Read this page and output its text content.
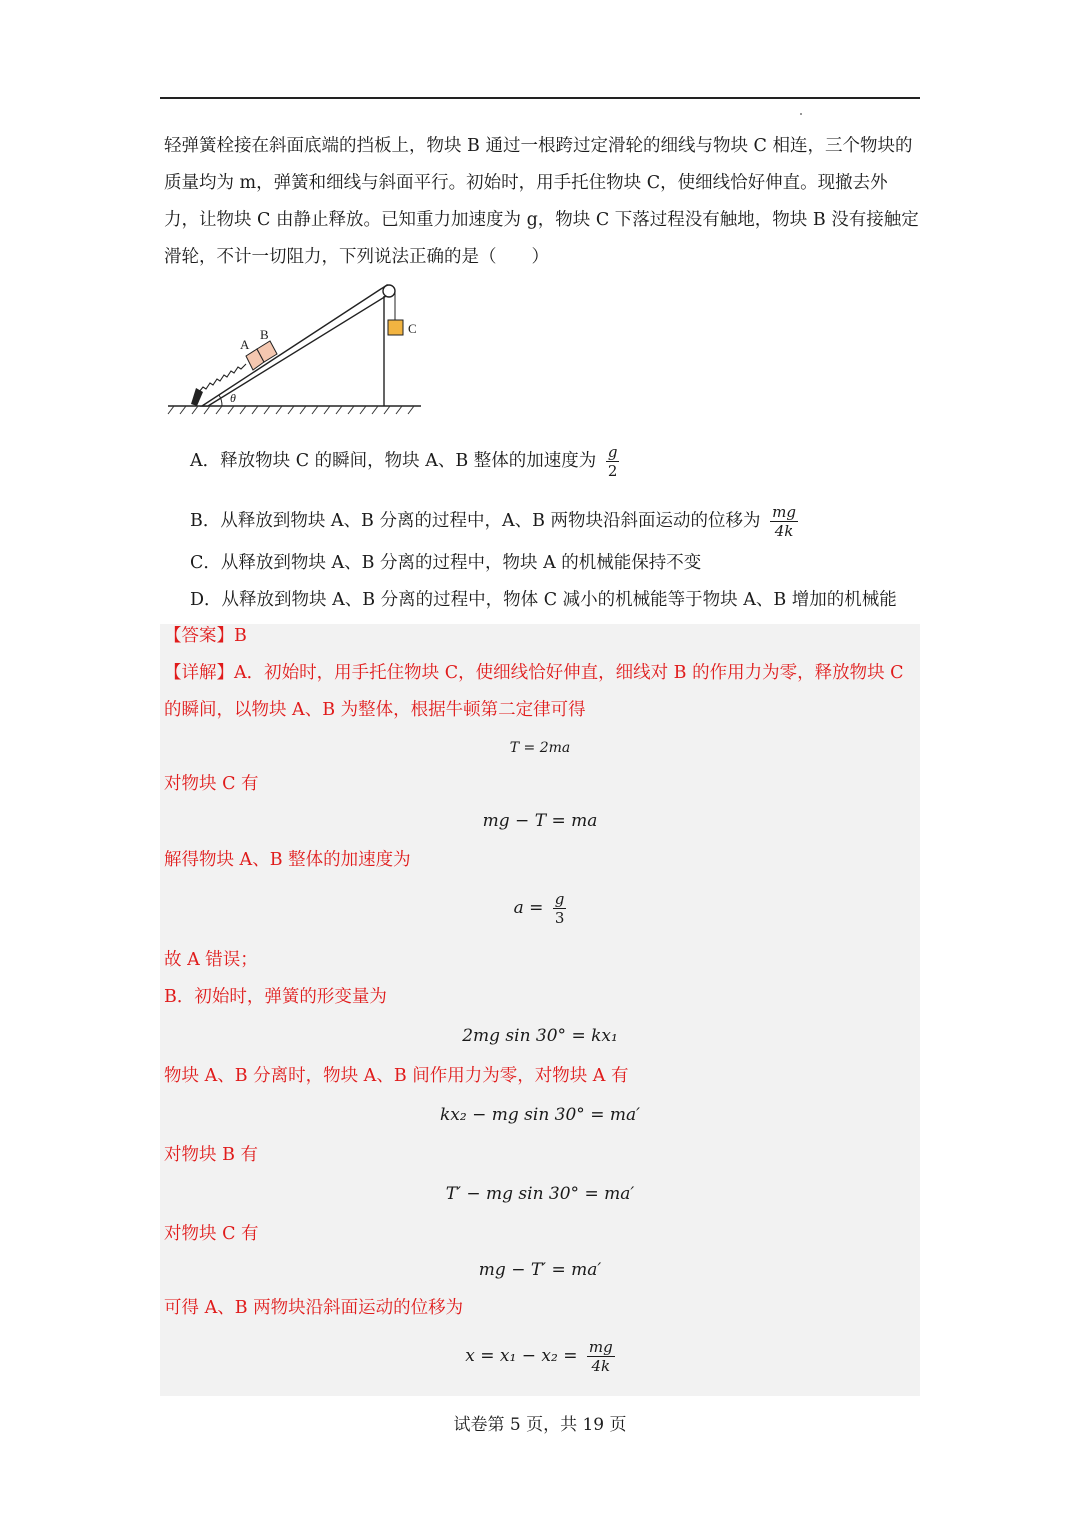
轻弹簧栓接在斜面底端的挡板上，物块 B 通过一根跨过定滑轮的细线与物块 C 相连，三个物块的质量均为 m，弹簧和细线与斜面平行。初始时，用手托住物块 C，使细线恰好伸直。现撤去外力，让物块 C 由静止释放。已知重力加速度为 g，物块 C 下落过程没有触地，物块 B 没有接触定滑轮，不计一切阻力，下列说法正确的是（　　）
C
A
B
θ
A．释放物块 C 的瞬间，物块 A、B 整体的加速度为 $\frac{g}{2}$
B．从释放到物块 A、B 分离的过程中，A、B 两物块沿斜面运动的位移为 $\frac{mg}{4k}$
C．从释放到物块 A、B 分离的过程中，物块 A 的机械能保持不变
D．从释放到物块 A、B 分离的过程中，物体 C 减小的机械能等于物块 A、B 增加的机械能
【答案】B
【详解】A．初始时，用手托住物块 C，使细线恰好伸直，细线对 B 的作用力为零，释放物块 C 的瞬间，以物块 A、B 为整体，根据牛顿第二定律可得
T = 2ma
对物块 C 有
mg − T = ma
解得物块 A、B 整体的加速度为
$a = \frac{g}{3}$
故 A 错误；
B．初始时，弹簧的形变量为
2mg sin 30° = kx₁
物块 A、B 分离时，物块 A、B 间作用力为零，对物块 A 有
kx₂ − mg sin 30° = ma′
对物块 B 有
T′ − mg sin 30° = ma′
对物块 C 有
mg − T′ = ma′
可得 A、B 两物块沿斜面运动的位移为
$x = x_1 - x_2 = \frac{mg}{4k}$
试卷第 5 页，共 19 页
